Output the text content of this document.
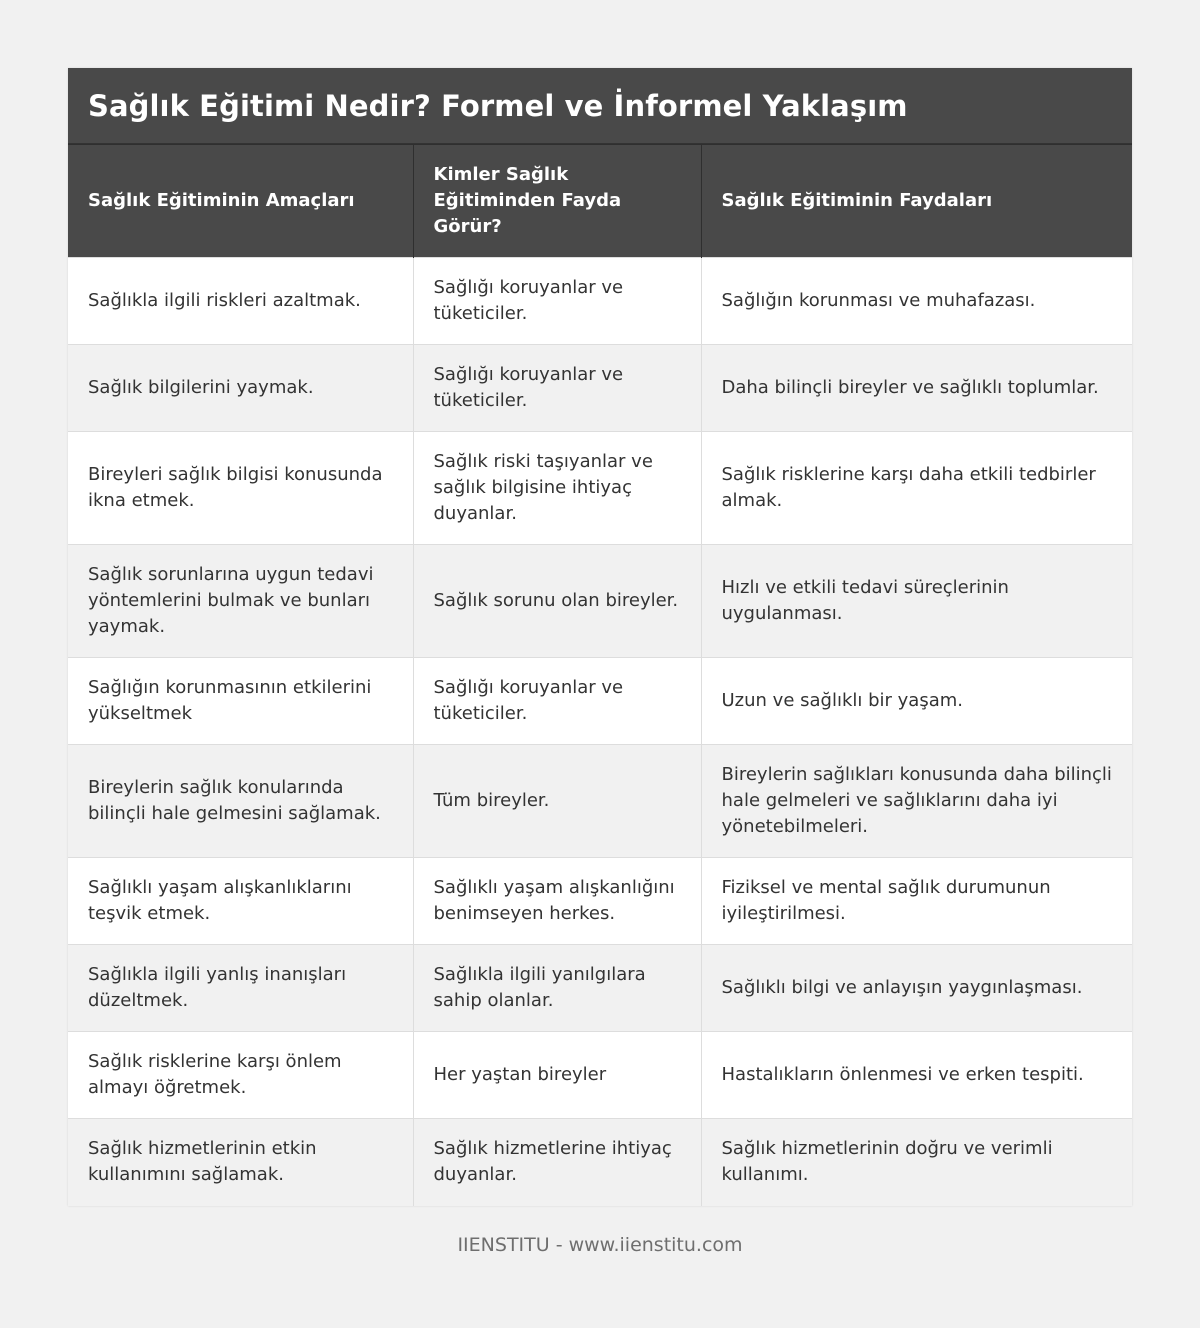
Sağlık Eğitimi Nedir? Formel ve İnformel Yaklaşım
Sağlık Eğitiminin Amaçları	Kimler Sağlık Eğitiminden Fayda Görür?	Sağlık Eğitiminin Faydaları
Sağlıkla ilgili riskleri azaltmak.	Sağlığı koruyanlar ve tüketiciler.	Sağlığın korunması ve muhafazası.
Sağlık bilgilerini yaymak.	Sağlığı koruyanlar ve tüketiciler.	Daha bilinçli bireyler ve sağlıklı toplumlar.
Bireyleri sağlık bilgisi konusunda ikna etmek.	Sağlık riski taşıyanlar ve sağlık bilgisine ihtiyaç duyanlar.	Sağlık risklerine karşı daha etkili tedbirler almak.
Sağlık sorunlarına uygun tedavi yöntemlerini bulmak ve bunları yaymak.	Sağlık sorunu olan bireyler.	Hızlı ve etkili tedavi süreçlerinin uygulanması.
Sağlığın korunmasının etkilerini yükseltmek	Sağlığı koruyanlar ve tüketiciler.	Uzun ve sağlıklı bir yaşam.
Bireylerin sağlık konularında bilinçli hale gelmesini sağlamak.	Tüm bireyler.	Bireylerin sağlıkları konusunda daha bilinçli hale gelmeleri ve sağlıklarını daha iyi yönetebilmeleri.
Sağlıklı yaşam alışkanlıklarını teşvik etmek.	Sağlıklı yaşam alışkanlığını benimseyen herkes.	Fiziksel ve mental sağlık durumunun iyileştirilmesi.
Sağlıkla ilgili yanlış inanışları düzeltmek.	Sağlıkla ilgili yanılgılara sahip olanlar.	Sağlıklı bilgi ve anlayışın yaygınlaşması.
Sağlık risklerine karşı önlem almayı öğretmek.	Her yaştan bireyler	Hastalıkların önlenmesi ve erken tespiti.
Sağlık hizmetlerinin etkin kullanımını sağlamak.	Sağlık hizmetlerine ihtiyaç duyanlar.	Sağlık hizmetlerinin doğru ve verimli kullanımı.
IIENSTITU - www.iienstitu.com
